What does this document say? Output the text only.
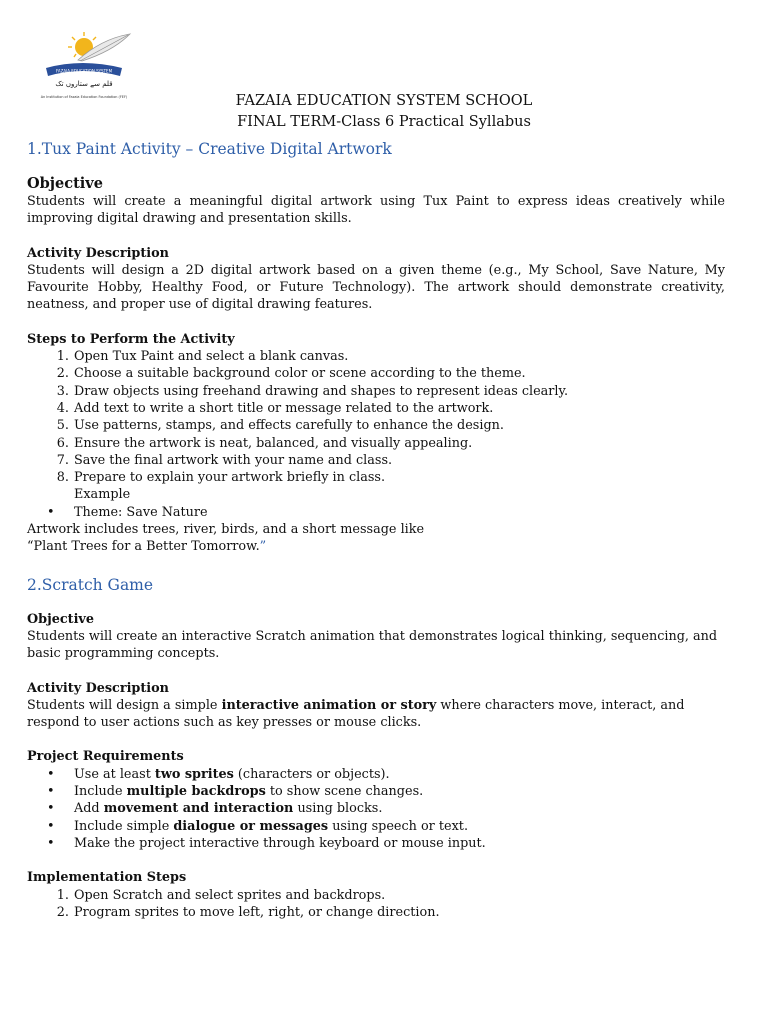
FAZAIA EDUCATION SYSTEM
قلم سے ستاروں تک
An Institution of Fazaia Education Foundation (FEF)	FAZAIA EDUCATION SYSTEM SCHOOL
FINAL TERM-Class 6 Practical Syllabus
1.Tux Paint Activity – Creative Digital Artwork
Objective

Students will create a meaningful digital artwork using Tux Paint to express ideas creatively while improving digital drawing and presentation skills.

Activity Description

Students will design a 2D digital artwork based on a given theme (e.g., My School, Save Nature, My Favourite Hobby, Healthy Food, or Future Technology). The artwork should demonstrate creativity, neatness, and proper use of digital drawing features.

Steps to Perform the Activity
1. Open Tux Paint and select a blank canvas.
2. Choose a suitable background color or scene according to the theme.
3. Draw objects using freehand drawing and shapes to represent ideas clearly.
4. Add text to write a short title or message related to the artwork.
5. Use patterns, stamps, and effects carefully to enhance the design.
6. Ensure the artwork is neat, balanced, and visually appealing.
7. Save the final artwork with your name and class.
8. Prepare to explain your artwork briefly in class.
Example
• Theme: Save Nature
Artwork includes trees, river, birds, and a short message like
“Plant Trees for a Better Tomorrow.”
2.Scratch Game
Objective

Students will create an interactive Scratch animation that demonstrates logical thinking, sequencing, and basic programming concepts.

Activity Description

Students will design a simple interactive animation or story where characters move, interact, and respond to user actions such as key presses or mouse clicks.

Project Requirements
• Use at least two sprites (characters or objects).
• Include multiple backdrops to show scene changes.
• Add movement and interaction using blocks.
• Include simple dialogue or messages using speech or text.
• Make the project interactive through keyboard or mouse input.
Implementation Steps
1. Open Scratch and select sprites and backdrops.
2. Program sprites to move left, right, or change direction.
